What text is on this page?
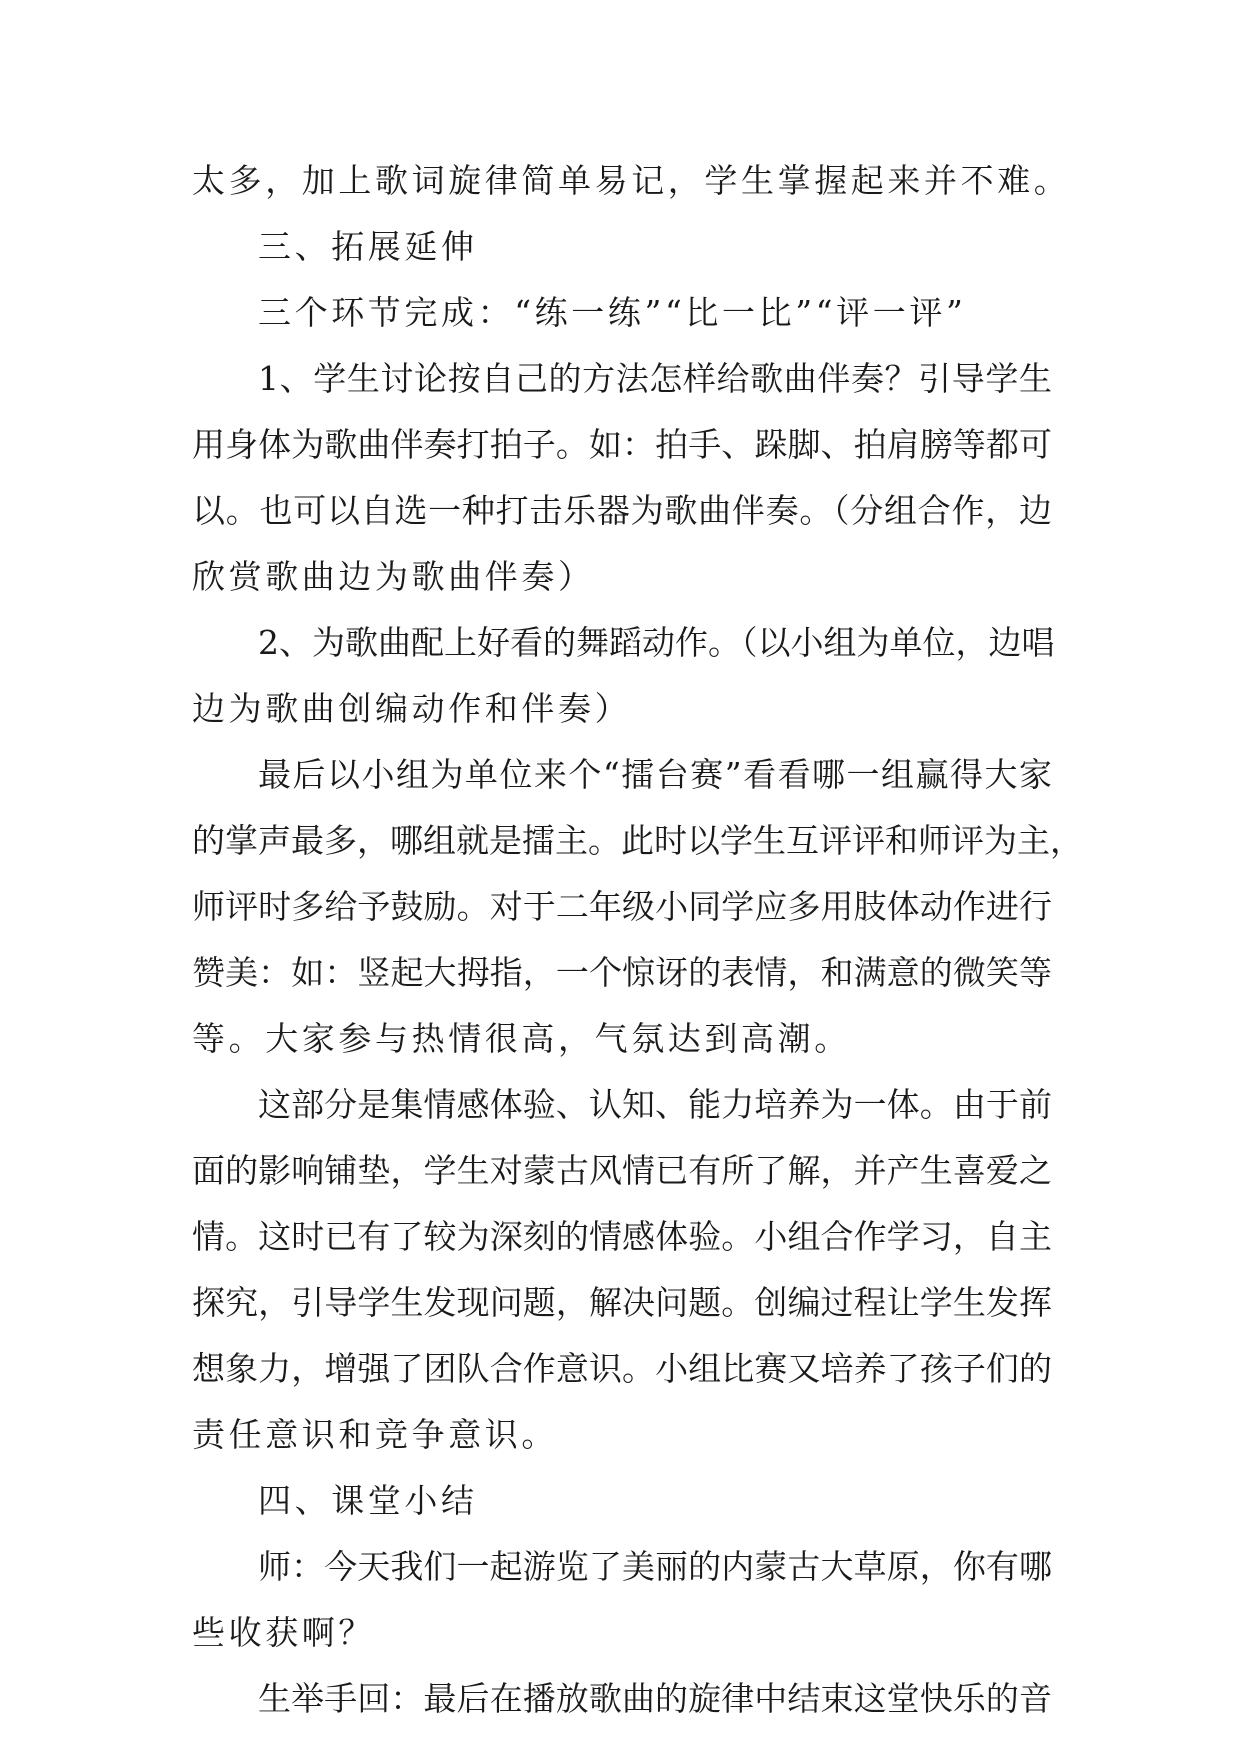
太多，加上歌词旋律简单易记，学生掌握起来并不难。
三、拓展延伸
三个环节完成：“练一练”“比一比”“评一评”
1、学生讨论按自己的方法怎样给歌曲伴奏？引导学生
用身体为歌曲伴奏打拍子。如：拍手、跺脚、拍肩膀等都可
以。也可以自选一种打击乐器为歌曲伴奏。（分组合作，边
欣赏歌曲边为歌曲伴奏）
2、为歌曲配上好看的舞蹈动作。（以小组为单位，边唱
边为歌曲创编动作和伴奏）
最后以小组为单位来个“擂台赛”看看哪一组赢得大家
的掌声最多，哪组就是擂主。此时以学生互评评和师评为主，
师评时多给予鼓励。对于二年级小同学应多用肢体动作进行
赞美：如：竖起大拇指，一个惊讶的表情，和满意的微笑等
等。大家参与热情很高，气氛达到高潮。
这部分是集情感体验、认知、能力培养为一体。由于前
面的影响铺垫，学生对蒙古风情已有所了解，并产生喜爱之
情。这时已有了较为深刻的情感体验。小组合作学习，自主
探究，引导学生发现问题，解决问题。创编过程让学生发挥
想象力，增强了团队合作意识。小组比赛又培养了孩子们的
责任意识和竞争意识。
四、课堂小结
师：今天我们一起游览了美丽的内蒙古大草原，你有哪
些收获啊？
生举手回：最后在播放歌曲的旋律中结束这堂快乐的音
